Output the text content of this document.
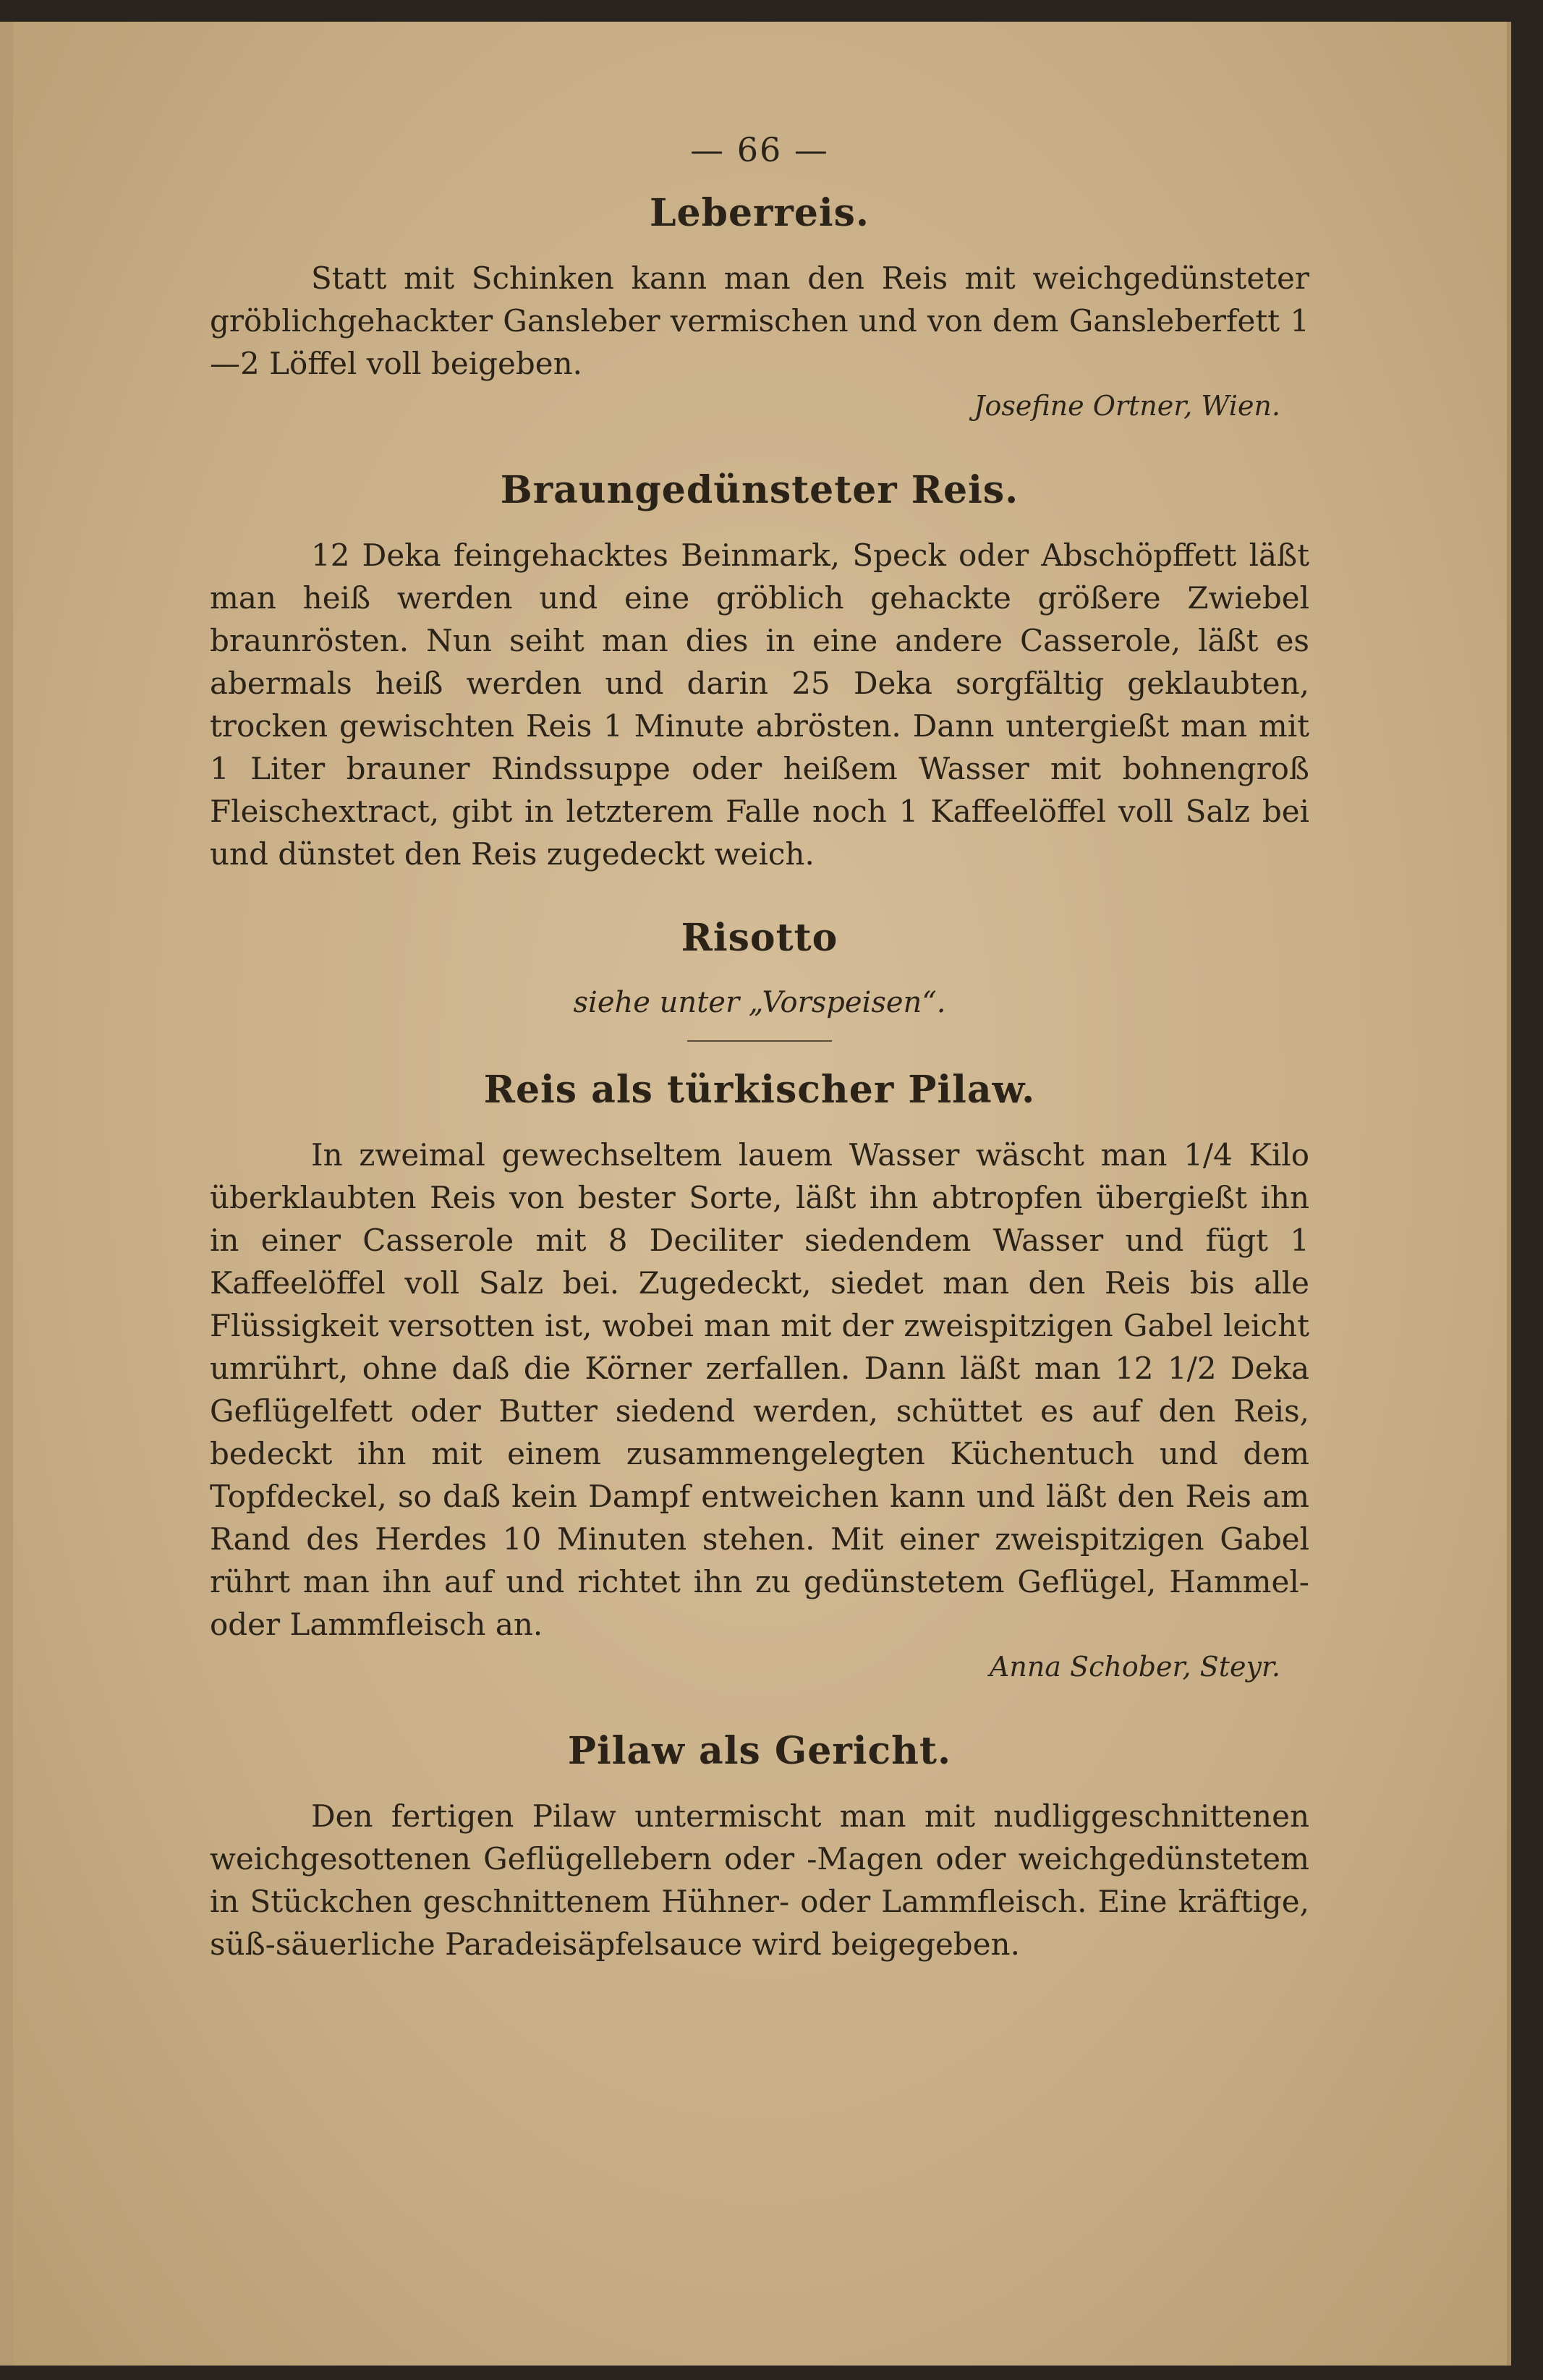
— 66 —
Leberreis.

Statt mit Schinken kann man den Reis mit weichgedünsteter gröblichgehackter Gansleber vermischen und von dem Gansleberfett 1—2 Löffel voll beigeben.

Josefine Ortner, Wien.
Braungedünsteter Reis.

12 Deka feingehacktes Beinmark, Speck oder Abschöpffett läßt man heiß werden und eine gröblich gehackte größere Zwiebel braunrösten. Nun seiht man dies in eine andere Casserole, läßt es abermals heiß werden und darin 25 Deka sorgfältig geklaubten, trocken gewischten Reis 1 Minute abrösten. Dann untergießt man mit 1 Liter brauner Rindssuppe oder heißem Wasser mit bohnengroß Fleischextract, gibt in letzterem Falle noch 1 Kaffeelöffel voll Salz bei und dünstet den Reis zugedeckt weich.

Risotto
siehe unter „Vorspeisen“.
Reis als türkischer Pilaw.

In zweimal gewechseltem lauem Wasser wäscht man 1/4 Kilo überklaubten Reis von bester Sorte, läßt ihn abtropfen übergießt ihn in einer Casserole mit 8 Deciliter siedendem Wasser und fügt 1 Kaffeelöffel voll Salz bei. Zugedeckt, siedet man den Reis bis alle Flüssigkeit versotten ist, wobei man mit der zweispitzigen Gabel leicht umrührt, ohne daß die Körner zerfallen. Dann läßt man 12 1/2 Deka Geflügelfett oder Butter siedend werden, schüttet es auf den Reis, bedeckt ihn mit einem zusammengelegten Küchentuch und dem Topfdeckel, so daß kein Dampf entweichen kann und läßt den Reis am Rand des Herdes 10 Minuten stehen. Mit einer zweispitzigen Gabel rührt man ihn auf und richtet ihn zu gedünstetem Geflügel, Hammel- oder Lammfleisch an.

Anna Schober, Steyr.
Pilaw als Gericht.

Den fertigen Pilaw untermischt man mit nudliggeschnittenen weichgesottenen Geflügellebern oder -Magen oder weichgedünstetem in Stückchen geschnittenem Hühner- oder Lammfleisch. Eine kräftige, süß-säuerliche Paradeisäpfelsauce wird beigegeben.
